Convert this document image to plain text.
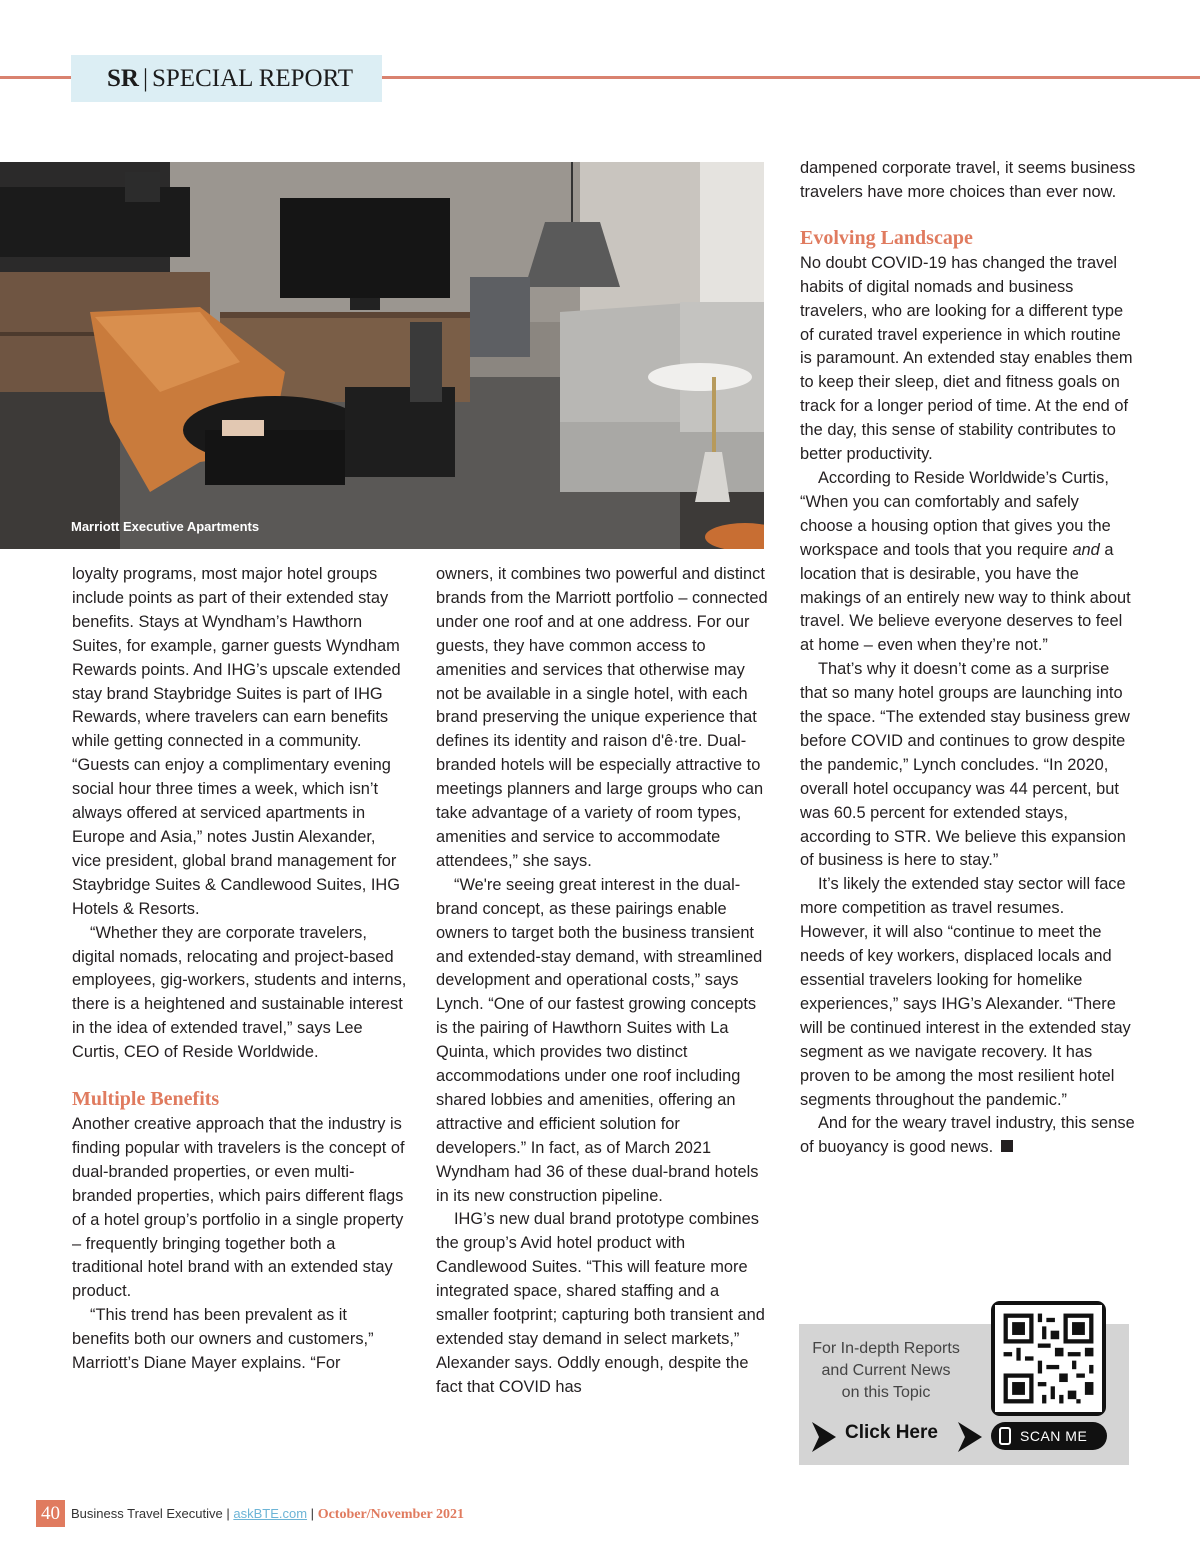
SR | SPECIAL REPORT
Marriott Executive Apartments

loyalty programs, most major hotel groups include points as part of their extended stay benefits. Stays at Wyndham’s Hawthorn Suites, for example, garner guests Wyndham Rewards points. And IHG’s upscale extended stay brand Staybridge Suites is part of IHG Rewards, where travelers can earn benefits while getting connected in a community. “Guests can enjoy a complimentary evening social hour three times a week, which isn’t always offered at serviced apartments in Europe and Asia,” notes Justin Alexander, vice president, global brand management for Staybridge Suites & Candlewood Suites, IHG Hotels & Resorts.

“Whether they are corporate travelers, digital nomads, relocating and project-based employees, gig-workers, students and interns, there is a heightened and sustainable interest in the idea of extended travel,” says Lee Curtis, CEO of Reside Worldwide.

Multiple Benefits

Another creative approach that the industry is finding popular with travelers is the concept of dual-branded properties, or even multi-branded properties, which pairs different flags of a hotel group’s portfolio in a single property – frequently bringing together both a traditional hotel brand with an extended stay product.

“This trend has been prevalent as it benefits both our owners and customers,” Marriott’s Diane Mayer explains. “For

owners, it combines two powerful and distinct brands from the Marriott portfolio – connected under one roof and at one address. For our guests, they have common access to amenities and services that otherwise may not be available in a single hotel, with each brand preserving the unique experience that defines its identity and raison d'ê·tre. Dual-branded hotels will be especially attractive to meetings planners and large groups who can take advantage of a variety of room types, amenities and service to accommodate attendees,” she says.

“We're seeing great interest in the dual-brand concept, as these pairings enable owners to target both the business transient and extended-stay demand, with streamlined development and operational costs,” says Lynch. “One of our fastest growing concepts is the pairing of Hawthorn Suites with La Quinta, which provides two distinct accommodations under one roof including shared lobbies and amenities, offering an attractive and efficient solution for developers.” In fact, as of March 2021 Wyndham had 36 of these dual-brand hotels in its new construction pipeline.

IHG’s new dual brand prototype combines the group’s Avid hotel product with Candlewood Suites. “This will feature more integrated space, shared staffing and a smaller footprint; capturing both transient and extended stay demand in select markets,” Alexander says. Oddly enough, despite the fact that COVID has

dampened corporate travel, it seems business travelers have more choices than ever now.

Evolving Landscape

No doubt COVID-19 has changed the travel habits of digital nomads and business travelers, who are looking for a different type of curated travel experience in which routine is paramount. An extended stay enables them to keep their sleep, diet and fitness goals on track for a longer period of time. At the end of the day, this sense of stability contributes to better productivity.

According to Reside Worldwide’s Curtis, “When you can comfortably and safely choose a housing option that gives you the workspace and tools that you require and a location that is desirable, you have the makings of an entirely new way to think about travel. We believe everyone deserves to feel at home – even when they’re not.”

That’s why it doesn’t come as a surprise that so many hotel groups are launching into the space. “The extended stay business grew before COVID and continues to grow despite the pandemic,” Lynch concludes. “In 2020, overall hotel occupancy was 44 percent, but was 60.5 percent for extended stays, according to STR. We believe this expansion of business is here to stay.”

It’s likely the extended stay sector will face more competition as travel resumes. However, it will also “continue to meet the needs of key workers, displaced locals and essential travelers looking for homelike experiences,” says IHG’s Alexander. “There will be continued interest in the extended stay segment as we navigate recovery. It has proven to be among the most resilient hotel segments throughout the pandemic.”

And for the weary travel industry, this sense of buoyancy is good news.

For In-depth Reports
and Current News
on this Topic
Click Here	SCAN ME
40 Business Travel Executive | askBTE.com | October/November 2021
